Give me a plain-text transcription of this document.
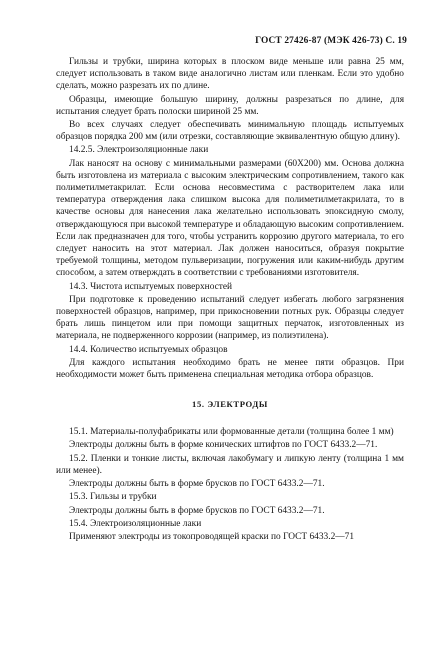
ГОСТ 27426-87 (МЭК 426-73) С. 19

Гильзы и трубки, ширина которых в плоском виде меньше или равна 25 мм, следует использовать в таком виде аналогично листам или пленкам. Если это удобно сделать, можно разрезать их по длине.

Образцы, имеющие большую ширину, должны разрезаться по длине, для испытания следует брать полоски шириной 25 мм.

Во всех случаях следует обеспечивать минимальную площадь испытуемых образцов порядка 200 мм (или отрезки, составляющие эквивалентную общую длину).

14.2.5. Электроизоляционные лаки

Лак наносят на основу с минимальными размерами (60Х200) мм. Основа должна быть изготовлена из материала с высоким электрическим сопротивлением, такого как полиметилметакрилат. Если основа несовместима с растворителем лака или температура отверждения лака слишком высока для полиметилметакрилата, то в качестве основы для нанесения лака желательно использовать эпоксидную смолу, отверждающуюся при высокой температуре и обладающую высоким сопротивлением. Если лак предназначен для того, чтобы устранить коррозию другого материала, то его следует наносить на этот материал. Лак должен наноситься, образуя покрытие требуемой толщины, методом пульверизации, погружения или каким-нибудь другим способом, а затем отверждать в соответствии с требованиями изготовителя.

14.3. Чистота испытуемых поверхностей

При подготовке к проведению испытаний следует избегать любого загрязнения поверхностей образцов, например, при прикосновении потных рук. Образцы следует брать лишь пинцетом или при помощи защитных перчаток, изготовленных из материала, не подверженного коррозии (например, из полиэтилена).

14.4. Количество испытуемых образцов

Для каждого испытания необходимо брать не менее пяти образцов. При необходимости может быть применена специальная методика отбора образцов.

15. ЭЛЕКТРОДЫ

15.1. Материалы-полуфабрикаты или формованные детали (толщина более 1 мм)

Электроды должны быть в форме конических штифтов по ГОСТ 6433.2—71.

15.2. Пленки и тонкие листы, включая лакобумагу и липкую ленту (толщина 1 мм или менее).

Электроды должны быть в форме брусков по ГОСТ 6433.2—71.

15.3. Гильзы и трубки

Электроды должны быть в форме брусков по ГОСТ 6433.2—71.

15.4. Электроизоляционные лаки

Применяют электроды из токопроводящей краски по ГОСТ 6433.2—71
